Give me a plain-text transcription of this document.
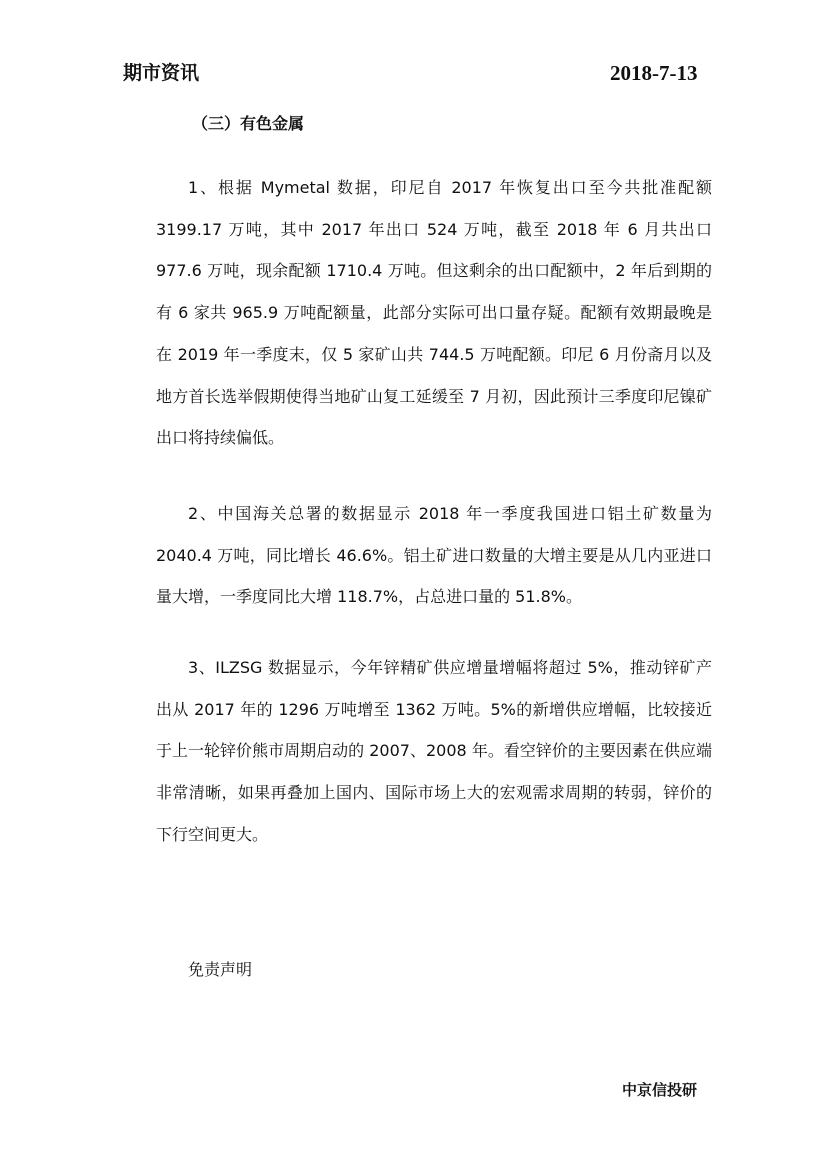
期市资讯	2018-7-13
（三）有色金属

1、根据 Mymetal 数据，印尼自 2017 年恢复出口至今共批准配额 3199.17 万吨，其中 2017 年出口 524 万吨，截至 2018 年 6 月共出口 977.6 万吨，现余配额 1710.4 万吨。但这剩余的出口配额中，2 年后到期的有 6 家共 965.9 万吨配额量，此部分实际可出口量存疑。配额有效期最晚是在 2019 年一季度末，仅 5 家矿山共 744.5 万吨配额。印尼 6 月份斋月以及地方首长选举假期使得当地矿山复工延缓至 7 月初，因此预计三季度印尼镍矿出口将持续偏低。

2、中国海关总署的数据显示 2018 年一季度我国进口铝土矿数量为 2040.4 万吨，同比增长 46.6%。铝土矿进口数量的大增主要是从几内亚进口量大增，一季度同比大增 118.7%，占总进口量的 51.8%。

3、ILZSG 数据显示，今年锌精矿供应增量增幅将超过 5%，推动锌矿产出从 2017 年的 1296 万吨增至 1362 万吨。5%的新增供应增幅，比较接近于上一轮锌价熊市周期启动的 2007、2008 年。看空锌价的主要因素在供应端非常清晰，如果再叠加上国内、国际市场上大的宏观需求周期的转弱，锌价的下行空间更大。

免责声明
中京信投研
